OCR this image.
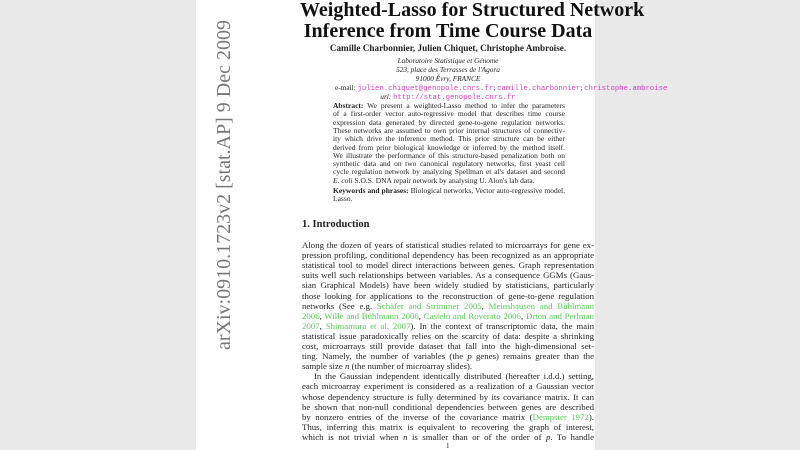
arXiv:0910.1723v2 [stat.AP] 9 Dec 2009
Weighted-Lasso for Structured Network
Inference from Time Course Data
Camille Charbonnier, Julien Chiquet, Christophe Ambroise.
Laboratoire Statistique et Génome
523, place des Terrasses de l'Agora
91000 Évry, FRANCE
e-mail: julien.chiquet@genopole.cnrs.fr; camille.charbonnier; christophe.ambroise
url: http://stat.genopole.cnrs.fr
Abstract: We present a weighted-Lasso method to infer the parameters
of a first-order vector auto-regressive model that describes time course
expression data generated by directed gene-to-gene regulation networks.
These networks are assumed to own prior internal structures of connectiv-
ity which drive the inference method. This prior structure can be either
derived from prior biological knowledge or inferred by the method itself.
We illustrate the performance of this structure-based penalization both on
synthetic data and on two canonical regulatory networks, first yeast cell
cycle regulation network by analyzing Spellman et al's dataset and second
E. coli S.O.S. DNA repair network by analysing U. Alon's lab data.
Keywords and phrases: Biological networks, Vector auto-regressive model,
Lasso.
1. Introduction
Along the dozen of years of statistical studies related to microarrays for gene ex-
pression profiling, conditional dependency has been recognized as an appropriate
statistical tool to model direct interactions between genes. Graph representation
suits well such relationships between variables. As a consequence GGMs (Gaus-
sian Graphical Models) have been widely studied by statisticians, particularly
those looking for applications to the reconstruction of gene-to-gene regulation
networks (See e.g. Schäfer and Strimmer 2005, Meinshausen and Bühlmann
2006, Wille and Bühlmann 2006, Castelo and Roverato 2006, Drton and Perlman
2007, Shimamura et al. 2007). In the context of transcriptomic data, the main
statistical issue paradoxically relies on the scarcity of data: despite a shrinking
cost, microarrays still provide dataset that fall into the high-dimensional set-
ting. Namely, the number of variables (the p genes) remains greater than the
sample size n (the number of microarray slides).
In the Gaussian independent identically distributed (hereafter i.d.d.) setting,
each microarray experiment is considered as a realization of a Gaussian vector
whose dependency structure is fully determined by its covariance matrix. It can
be shown that non-null conditional dependencies between genes are described
by nonzero entries of the inverse of the covariance matrix (Dempster 1972).
Thus, inferring this matrix is equivalent to recovering the graph of interest,
which is not trivial when n is smaller than or of the order of p. To handle
1
